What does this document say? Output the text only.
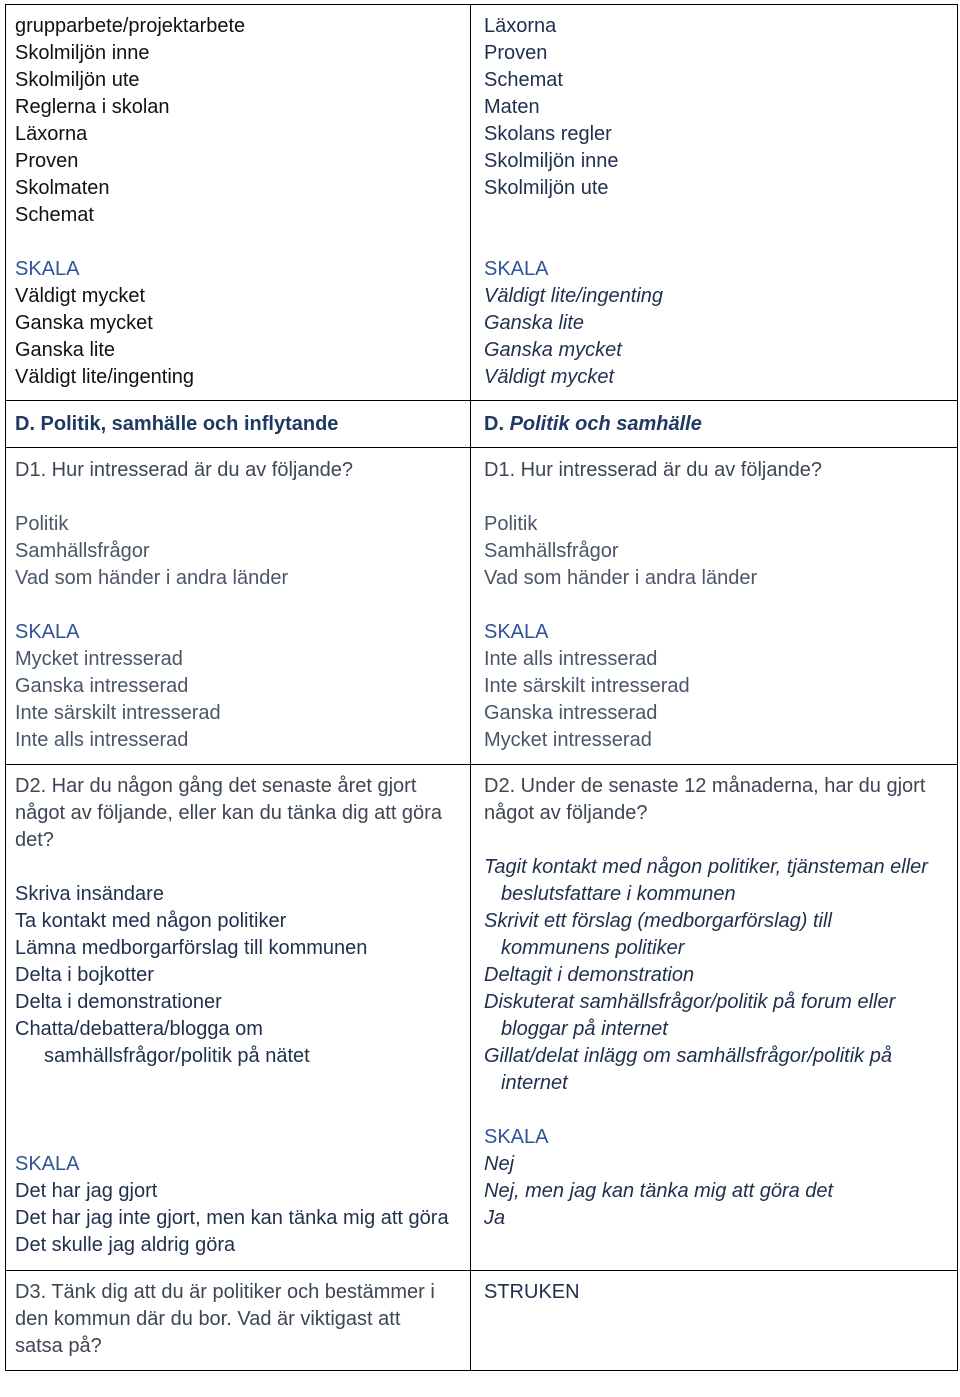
grupparbete/projektarbete
Skolmiljön inne
Skolmiljön ute
Reglerna i skolan
Läxorna
Proven
Skolmaten
Schemat
SKALA
Väldigt mycket
Ganska mycket
Ganska lite
Väldigt lite/ingenting
Läxorna
Proven
Schemat
Maten
Skolans regler
Skolmiljön inne
Skolmiljön ute
SKALA
Väldigt lite/ingenting
Ganska lite
Ganska mycket
Väldigt mycket
D. Politik, samhälle och inflytande	D. Politik och samhälle
D1. Hur intresserad är du av följande?
Politik
Samhällsfrågor
Vad som händer i andra länder
SKALA
Mycket intresserad
Ganska intresserad
Inte särskilt intresserad
Inte alls intresserad
D1. Hur intresserad är du av följande?
Politik
Samhällsfrågor
Vad som händer i andra länder
SKALA
Inte alls intresserad
Inte särskilt intresserad
Ganska intresserad
Mycket intresserad
D2. Har du någon gång det senaste året gjort
något av följande, eller kan du tänka dig att göra
det?
Skriva insändare
Ta kontakt med någon politiker
Lämna medborgarförslag till kommunen
Delta i bojkotter
Delta i demonstrationer
Chatta/debattera/blogga om
samhällsfrågor/politik på nätet
SKALA
Det har jag gjort
Det har jag inte gjort, men kan tänka mig att göra
Det skulle jag aldrig göra
D2. Under de senaste 12 månaderna, har du gjort
något av följande?
Tagit kontakt med någon politiker, tjänsteman eller
beslutsfattare i kommunen
Skrivit ett förslag (medborgarförslag) till
kommunens politiker
Deltagit i demonstration
Diskuterat samhällsfrågor/politik på forum eller
bloggar på internet
Gillat/delat inlägg om samhällsfrågor/politik på
internet
SKALA
Nej
Nej, men jag kan tänka mig att göra det
Ja
D3. Tänk dig att du är politiker och bestämmer i
den kommun där du bor. Vad är viktigast att
satsa på?
STRUKEN
